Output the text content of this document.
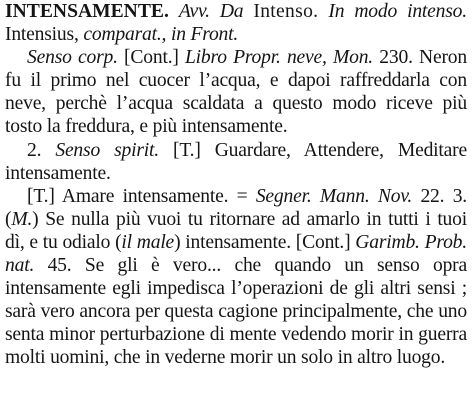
INTENSAMENTE. Avv. Da Intenso. In modo intenso. Intensius, comparat., in Front.

Senso corp. [Cont.] Libro Propr. neve, Mon. 230. Neron fu il primo nel cuocer l’acqua, e dapoi raffreddarla con neve, perchè l’acqua scaldata a questo modo riceve più tosto la freddura, e più intensamente.

2. Senso spirit. [T.] Guardare, Attendere, Meditare intensamente.

[T.] Amare intensamente. = Segner. Mann. Nov. 22. 3. (M.) Se nulla più vuoi tu ritornare ad amarlo in tutti i tuoi dì, e tu odialo (il male) intensamente. [Cont.] Garimb. Prob. nat. 45. Se gli è vero... che quando un senso opra intensamente egli impedisca l’operazioni de gli altri sensi ; sarà vero ancora per questa cagione principalmente, che uno senta minor perturbazione di mente vedendo morir in guerra molti uomini, che in vederne morir un solo in altro luogo.
